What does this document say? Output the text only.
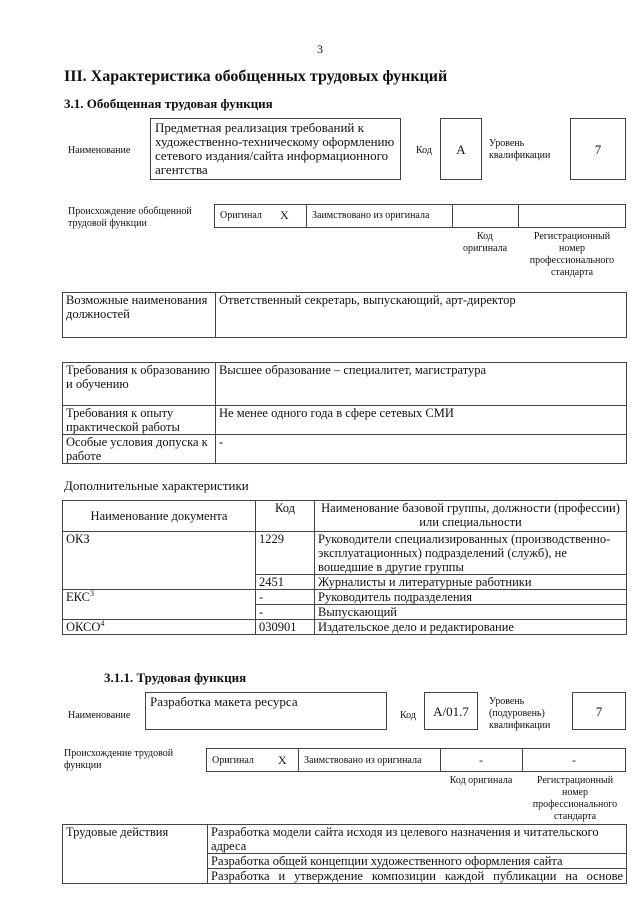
3
III. Характеристика обобщенных трудовых функций
3.1. Обобщенная трудовая функция
Наименование
Предметная реализация требований к художественно-техническому оформлению сетевого издания/сайта информационного агентства
Код	А	Уровень квалификации	7
Происхождение обобщенной трудовой функции
Оригинал Х Заимствовано из оригинала
Код оригинала
Регистрационный номер профессионального стандарта
Возможные наименования должностей	Ответственный секретарь, выпускающий, арт-директор
Требования к образованию и обучению	Высшее образование – специалитет, магистратура
Требования к опыту практической работы	Не менее одного года в сфере сетевых СМИ
Особые условия допуска к работе	-
Дополнительные характеристики
Наименование документа	Код	Наименование базовой группы, должности (профессии) или специальности
ОКЗ	1229	Руководители специализированных (производственно-эксплуатационных) подразделений (служб), не вошедшие в другие группы
	2451	Журналисты и литературные работники
ЕКС$^3$	-	Руководитель подразделения
	-	Выпускающий
ОКСО$^4$	030901	Издательское дело и редактирование
3.1.1. Трудовая функция
Наименование
Разработка макета ресурса
Код	А/01.7
Уровень (подуровень) квалификации
7
Происхождение трудовой функции	Оригинал Х Заимствовано из оригинала	-	-
Код оригинала	Регистрационный номер профессионального стандарта
Трудовые действия	Разработка модели сайта исходя из целевого назначения и читательского адреса
Разработка общей концепции художественного оформления сайта
Разработка и утверждение композиции каждой публикации на основе
